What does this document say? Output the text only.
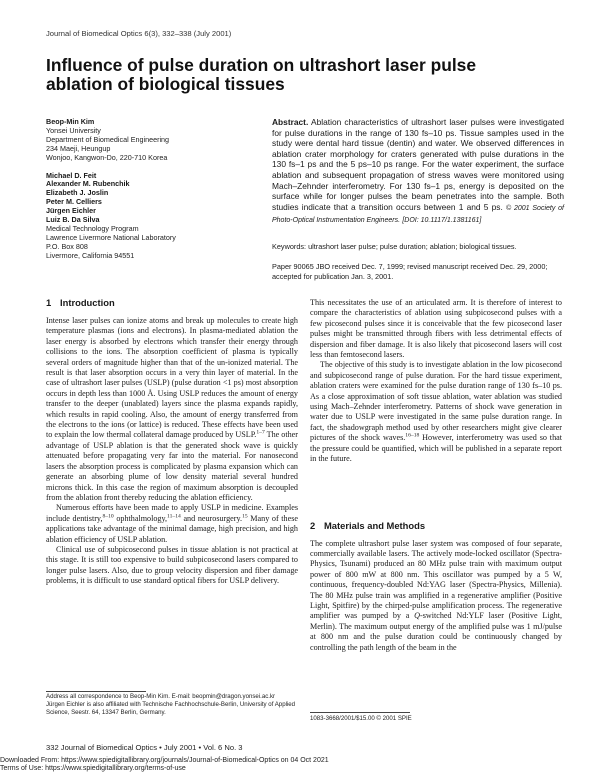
Journal of Biomedical Optics 6(3), 332–338 (July 2001)
Influence of pulse duration on ultrashort laser pulse
ablation of biological tissues
Beop-Min Kim
Yonsei University
Department of Biomedical Engineering
234 Maeji, Heungup
Wonjoo, Kangwon-Do, 220-710 Korea
Michael D. Feit
Alexander M. Rubenchik
Elizabeth J. Joslin
Peter M. Celliers
Jürgen Eichler
Luiz B. Da Silva
Medical Technology Program
Lawrence Livermore National Laboratory
P.O. Box 808
Livermore, California 94551

Abstract. Ablation characteristics of ultrashort laser pulses were investigated for pulse durations in the range of 130 fs–10 ps. Tissue samples used in the study were dental hard tissue (dentin) and water. We observed differences in ablation crater morphology for craters generated with pulse durations in the 130 fs–1 ps and the 5 ps–10 ps range. For the water experiment, the surface ablation and subsequent propagation of stress waves were monitored using Mach–Zehnder interferometry. For 130 fs–1 ps, energy is deposited on the surface while for longer pulses the beam penetrates into the sample. Both studies indicate that a transition occurs between 1 and 5 ps. © 2001 Society of Photo-Optical Instrumentation Engineers. [DOI: 10.1117/1.1381161]

Keywords: ultrashort laser pulse; pulse duration; ablation; biological tissues.

Paper 90065 JBO received Dec. 7, 1999; revised manuscript received Dec. 29, 2000; accepted for publication Jan. 3, 2001.

1 Introduction

Intense laser pulses can ionize atoms and break up molecules to create high temperature plasmas (ions and electrons). In plasma-mediated ablation the laser energy is absorbed by electrons which transfer their energy through collisions to the ions. The absorption coefficient of plasma is typically several orders of magnitude higher than that of the un-ionized material. The result is that laser absorption occurs in a very thin layer of material. In the case of ultrashort laser pulses (USLP) (pulse duration <1 ps) most absorption occurs in depth less than 1000 Å. Using USLP reduces the amount of energy transfer to the deeper (unablated) layers since the plasma expands rapidly, which results in rapid cooling. Also, the amount of energy transferred from the electrons to the ions (or lattice) is reduced. These effects have been used to explain the low thermal collateral damage produced by USLP.$^{1-7}$ The other advantage of USLP ablation is that the generated shock wave is quickly attenuated before propagating very far into the material. For nanosecond lasers the absorption process is complicated by plasma expansion which can generate an absorbing plume of low density material several hundred microns thick. In this case the region of maximum absorption is decoupled from the ablation front thereby reducing the ablation efficiency.

Numerous efforts have been made to apply USLP in medicine. Examples include dentistry,$^{8-10}$ ophthalmology,$^{11-14}$ and neurosurgery.$^{15}$ Many of these applications take advantage of the minimal damage, high precision, and high ablation efficiency of USLP ablation.

Clinical use of subpicosecond pulses in tissue ablation is not practical at this stage. It is still too expensive to build subpicosecond lasers compared to longer pulse lasers. Also, due to group velocity dispersion and fiber damage problems, it is difficult to use standard optical fibers for USLP delivery.

This necessitates the use of an articulated arm. It is therefore of interest to compare the characteristics of ablation using subpicosecond pulses with a few picosecond pulses since it is conceivable that the few picosecond laser pulses might be transmitted through fibers with less detrimental effects of dispersion and fiber damage. It is also likely that picosecond lasers will cost less than femtosecond lasers.

The objective of this study is to investigate ablation in the low picosecond and subpicosecond range of pulse duration. For the hard tissue experiment, ablation craters were examined for the pulse duration range of 130 fs–10 ps. As a close approximation of soft tissue ablation, water ablation was studied using Mach–Zehnder interferometry. Patterns of shock wave generation in water due to USLP were investigated in the same pulse duration range. In fact, the shadowgraph method used by other researchers might give clearer pictures of the shock waves.$^{16-18}$ However, interferometry was used so that the pressure could be quantified, which will be published in a separate report in the future.

2 Materials and Methods

The complete ultrashort pulse laser system was composed of four separate, commercially available lasers. The actively mode-locked oscillator (Spectra-Physics, Tsunami) produced an 80 MHz pulse train with maximum output power of 800 mW at 800 nm. This oscillator was pumped by a 5 W, continuous, frequency-doubled Nd:YAG laser (Spectra-Physics, Millenia). The 80 MHz pulse train was amplified in a regenerative amplifier (Positive Light, Spitfire) by the chirped-pulse amplification process. The regenerative amplifier was pumped by a Q-switched Nd:YLF laser (Positive Light, Merlin). The maximum output energy of the amplified pulse was 1 mJ/pulse at 800 nm and the pulse duration could be continuously changed by controlling the path length of the beam in the

Address all correspondence to Beop-Min Kim. E-mail: beopmin@dragon.yonsei.ac.kr
Jürgen Eichler is also affiliated with Technische Fachhochschule-Berlin, University of Applied Science, Seestr. 64, 13347 Berlin, Germany.
1083-3668/2001/$15.00 © 2001 SPIE
332 Journal of Biomedical Optics • July 2001 • Vol. 6 No. 3
Downloaded From: https://www.spiedigitallibrary.org/journals/Journal-of-Biomedical-Optics on 04 Oct 2021
Terms of Use: https://www.spiedigitallibrary.org/terms-of-use
